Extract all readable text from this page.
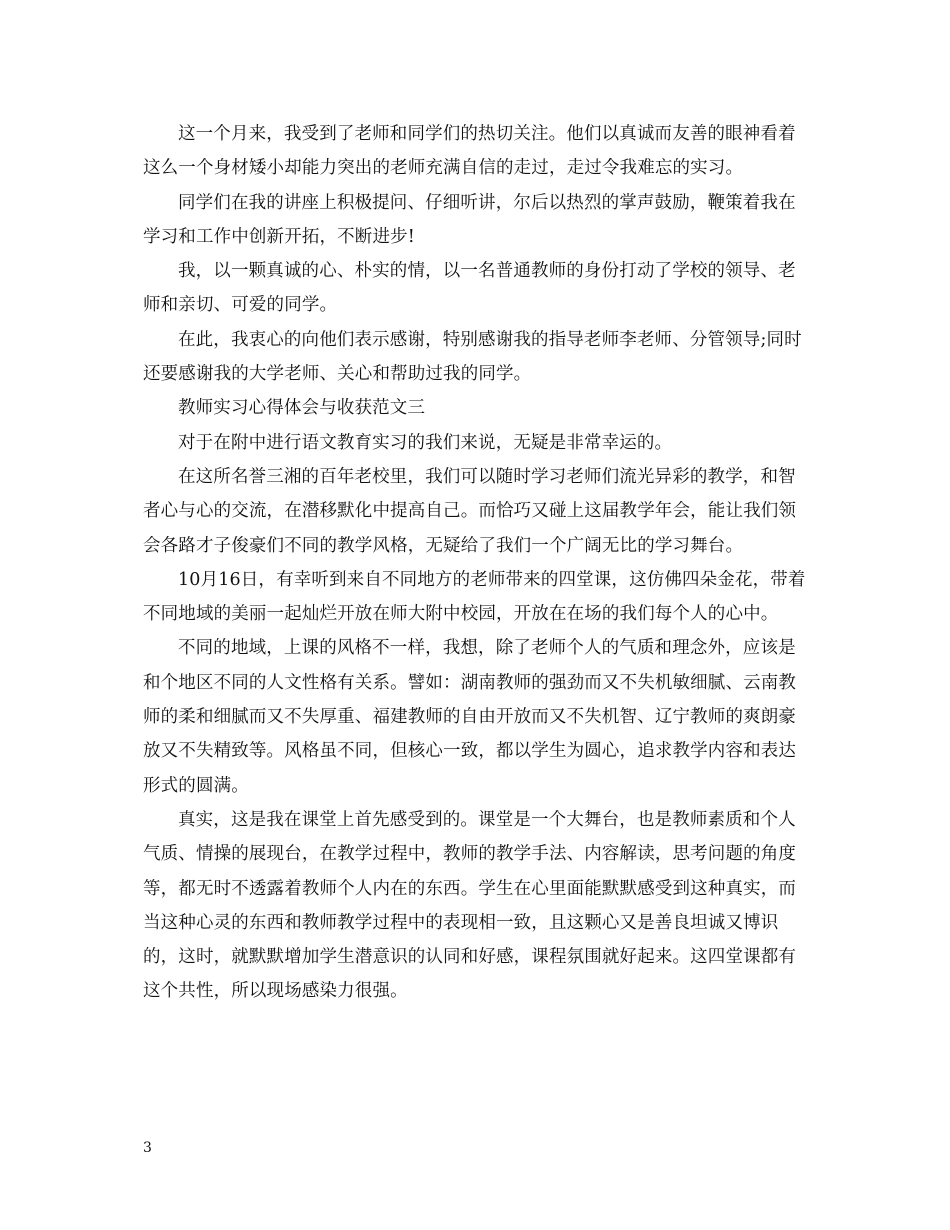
这一个月来，我受到了老师和同学们的热切关注。他们以真诚而友善的眼神看着这么一个身材矮小却能力突出的老师充满自信的走过，走过令我难忘的实习。

同学们在我的讲座上积极提问、仔细听讲，尔后以热烈的掌声鼓励，鞭策着我在学习和工作中创新开拓，不断进步!

我，以一颗真诚的心、朴实的情，以一名普通教师的身份打动了学校的领导、老师和亲切、可爱的同学。

在此，我衷心的向他们表示感谢，特别感谢我的指导老师李老师、分管领导;同时还要感谢我的大学老师、关心和帮助过我的同学。

教师实习心得体会与收获范文三

对于在附中进行语文教育实习的我们来说，无疑是非常幸运的。

在这所名誉三湘的百年老校里，我们可以随时学习老师们流光异彩的教学，和智者心与心的交流，在潜移默化中提高自己。而恰巧又碰上这届教学年会，能让我们领会各路才子俊豪们不同的教学风格，无疑给了我们一个广阔无比的学习舞台。

10月16日，有幸听到来自不同地方的老师带来的四堂课，这仿佛四朵金花，带着不同地域的美丽一起灿烂开放在师大附中校园，开放在在场的我们每个人的心中。

不同的地域，上课的风格不一样，我想，除了老师个人的气质和理念外，应该是和个地区不同的人文性格有关系。譬如：湖南教师的强劲而又不失机敏细腻、云南教师的柔和细腻而又不失厚重、福建教师的自由开放而又不失机智、辽宁教师的爽朗豪放又不失精致等。风格虽不同，但核心一致，都以学生为圆心，追求教学内容和表达形式的圆满。

真实，这是我在课堂上首先感受到的。课堂是一个大舞台，也是教师素质和个人气质、情操的展现台，在教学过程中，教师的教学手法、内容解读，思考问题的角度等，都无时不透露着教师个人内在的东西。学生在心里面能默默感受到这种真实，而当这种心灵的东西和教师教学过程中的表现相一致，且这颗心又是善良坦诚又博识的，这时，就默默增加学生潜意识的认同和好感，课程氛围就好起来。这四堂课都有这个共性，所以现场感染力很强。

3
